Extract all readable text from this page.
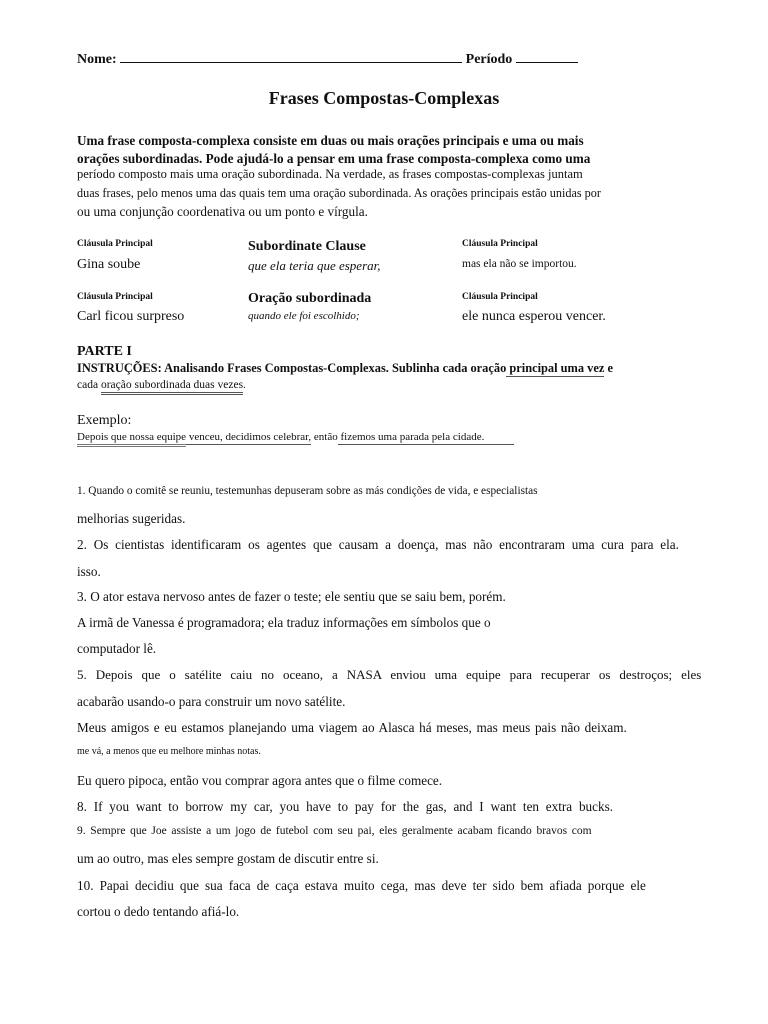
Nome:	Período
Frases Compostas-Complexas
Uma frase composta-complexa consiste em duas ou mais orações principais e uma ou mais
orações subordinadas. Pode ajudá-lo a pensar em uma frase composta-complexa como uma
período composto mais uma oração subordinada. Na verdade, as frases compostas-complexas juntam
duas frases, pelo menos uma das quais tem uma oração subordinada. As orações principais estão unidas por
ou uma conjunção coordenativa ou um ponto e vírgula.
Cláusula Principal
Gina soube
Subordinate Clause
que ela teria que esperar,
Cláusula Principal
mas ela não se importou.
Cláusula Principal
Carl ficou surpreso
Oração subordinada
quando ele foi escolhido;
Cláusula Principal
ele nunca esperou vencer.
PARTE I
INSTRUÇÕES: Analisando Frases Compostas-Complexas. Sublinha cada oração principal uma vez e
cada oração subordinada duas vezes.
Exemplo:
Depois que nossa equipe venceu, decidimos celebrar, então fizemos uma parada pela cidade.
1. Quando o comitê se reuniu, testemunhas depuseram sobre as más condições de vida, e especialistas
melhorias sugeridas.
2. Os cientistas identificaram os agentes que causam a doença, mas não encontraram uma cura para ela.
isso.
3. O ator estava nervoso antes de fazer o teste; ele sentiu que se saiu bem, porém.
A irmã de Vanessa é programadora; ela traduz informações em símbolos que o
computador lê.
5. Depois que o satélite caiu no oceano, a NASA enviou uma equipe para recuperar os destroços; eles
acabarão usando-o para construir um novo satélite.
Meus amigos e eu estamos planejando uma viagem ao Alasca há meses, mas meus pais não deixam.
me vá, a menos que eu melhore minhas notas.
Eu quero pipoca, então vou comprar agora antes que o filme comece.
8. If you want to borrow my car, you have to pay for the gas, and I want ten extra bucks.
9. Sempre que Joe assiste a um jogo de futebol com seu pai, eles geralmente acabam ficando bravos com
um ao outro, mas eles sempre gostam de discutir entre si.
10. Papai decidiu que sua faca de caça estava muito cega, mas deve ter sido bem afiada porque ele
cortou o dedo tentando afiá-lo.
